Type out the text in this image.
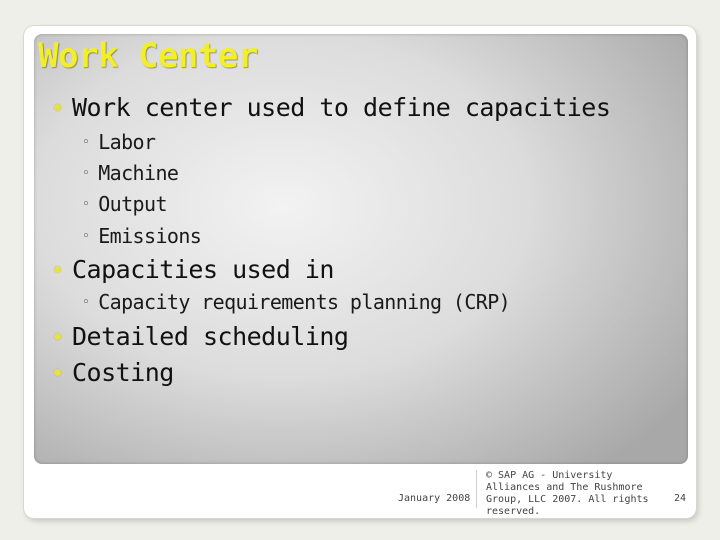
Work Center
Work center used to define capacities
◦ Labor
◦ Machine
◦ Output
◦ Emissions
Capacities used in
◦ Capacity requirements planning (CRP)
Detailed scheduling
Costing
January 2008
© SAP AG - University Alliances and The Rushmore Group, LLC 2007. All rights reserved.
24
